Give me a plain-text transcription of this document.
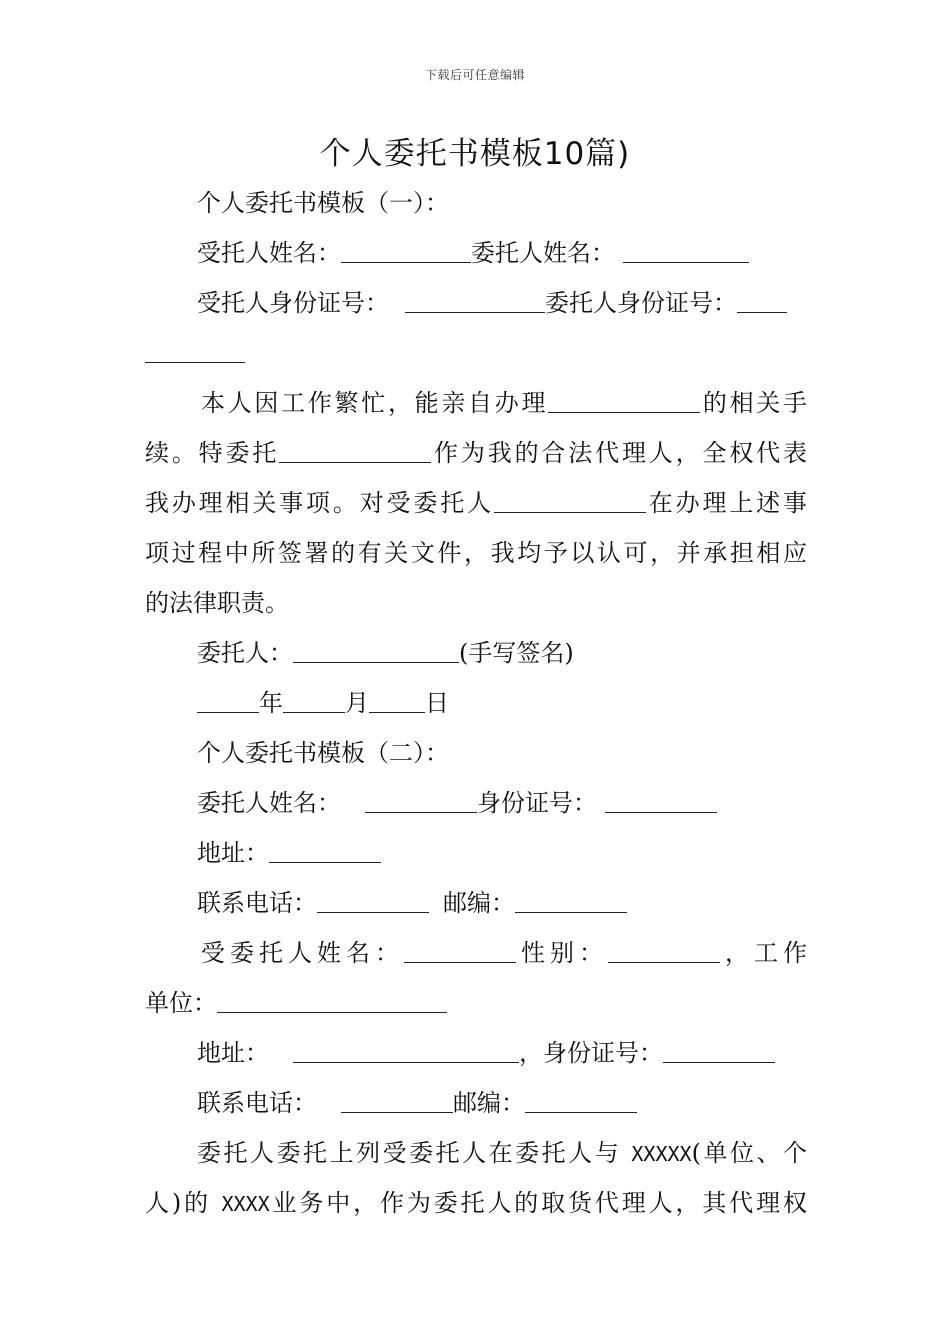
下载后可任意编辑
个人委托书模板10篇)
个人委托书模板（一）：
受托人姓名：	委托人姓名：
受托人身份证号：	委托人身份证号：
本人因工作繁忙，能亲自办理	的相关手
续。特委托	作为我的合法代理人，全权代表
我办理相关事项。对受委托人	在办理上述事
项过程中所签署的有关文件，我均予以认可，并承担相应
的法律职责。
委托人：	(手写签名)
年	月 日
个人委托书模板（二）：
委托人姓名：	身份证号：
地址：
联系电话：	邮编：
受委托人姓名：	性别：	，工作
单位：
地址：	，身份证号：
联系电话：	邮编：
委托人委托上列受委托人在委托人与 XXXXX(单位、个
人)的 XXXX业务中，作为委托人的取货代理人，其代理权
